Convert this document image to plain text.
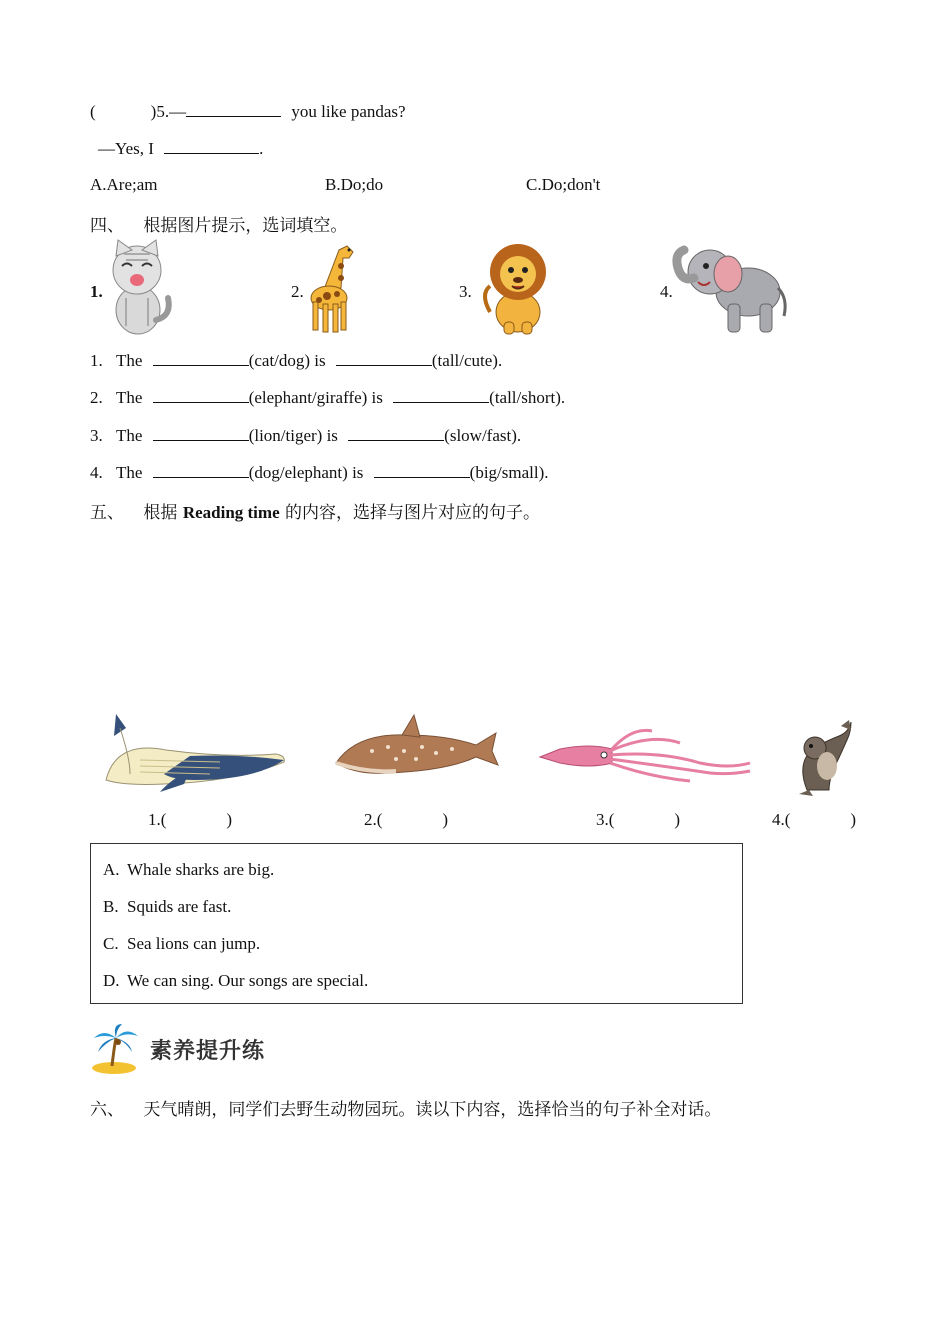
(	)5.—	you like pandas?
—Yes, I	.
A.Are;am	B.Do;do	C.Do;don't
四、 根据图片提示，选词填空。
1.	2.	3.	4.
1. The	(cat/dog) is	(tall/cute).
2. The	(elephant/giraffe) is	(tall/short).
3. The	(lion/tiger) is	(slow/fast).
4. The	(dog/elephant) is	(big/small).
五、 根据 Reading time 的内容，选择与图片对应的句子。
1.(	)	2.(	)	3.(	)	4.(	)
A. Whale sharks are big.
B. Squids are fast.
C. Sea lions can jump.
D. We can sing. Our songs are special.
素养提升练
六、 天气晴朗，同学们去野生动物园玩。读以下内容，选择恰当的句子补全对话。
